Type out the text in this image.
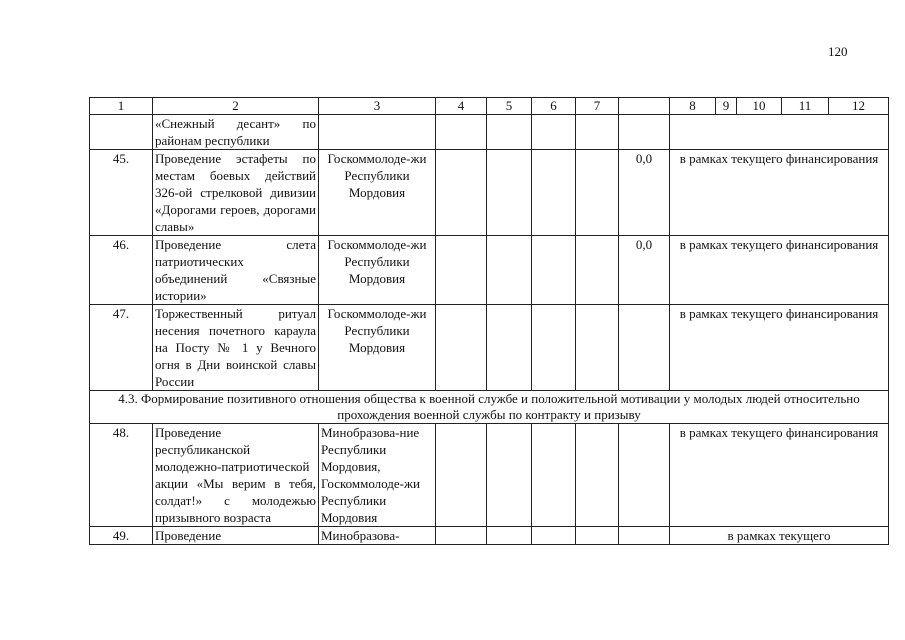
120
1	2	3	4	5	6	7		8	9	10	11	12
	«Снежный десант» по районам республики											
45.	Проведение эстафеты по местам боевых действий 326-ой стрелковой дивизии «Дорогами героев, дорогами славы»	Госкоммолоде-жи Республики Мордовия					0,0	в рамках текущего финансирования				
46.	Проведение слета патриотических объединений «Связные истории»	Госкоммолоде-жи Республики Мордовия					0,0	в рамках текущего финансирования				
47.	Торжественный ритуал несения почетного караула на Посту № 1 у Вечного огня в Дни воинской славы России	Госкоммолоде-жи Республики Мордовия						в рамках текущего финансирования				
4.3. Формирование позитивного отношения общества к военной службе и положительной мотивации у молодых людей относительно прохождения военной службы по контракту и призыву												
48.	Проведение республиканской молодежно-патриотической акции «Мы верим в тебя, солдат!» с молодежью призывного возраста	Минобразова-ние Республики Мордовия, Госкоммолоде-жи Республики Мордовия						в рамках текущего финансирования				
49.	Проведение	Минобразова-						в рамках текущего				
